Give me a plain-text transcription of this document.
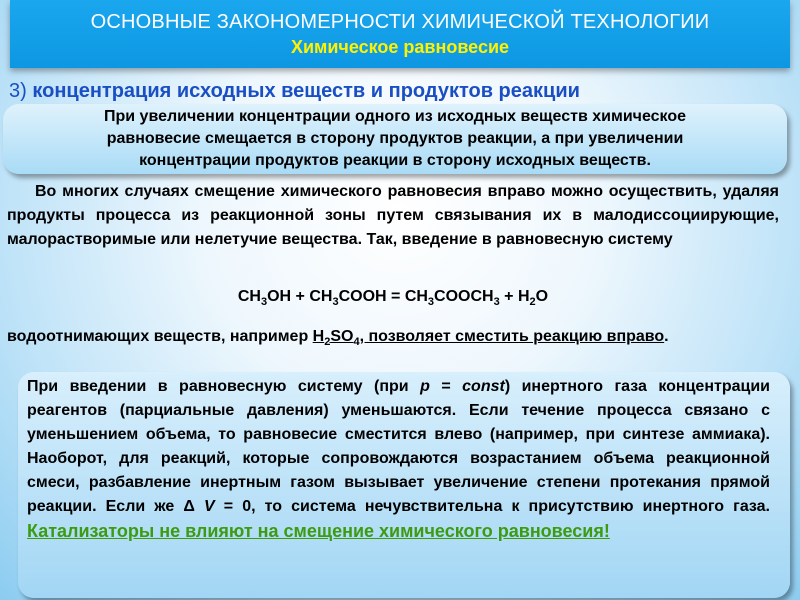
ОСНОВНЫЕ ЗАКОНОМЕРНОСТИ ХИМИЧЕСКОЙ ТЕХНОЛОГИИ
Химическое равновесие
3) концентрация исходных веществ и продуктов реакции

При увеличении концентрации одного из исходных веществ химическое

равновесие смещается в сторону продуктов реакции, а при увеличении

концентрации продуктов реакции в сторону исходных веществ.

Во многих случаях смещение химического равновесия вправо можно осуществить, удаляя продукты процесса из реакционной зоны путем связывания их в малодиссоциирующие, малорастворимые или нелетучие вещества. Так, введение в равновесную систему
$CH_3OH$ + $CH_3COOH$ = $CH_3COOCH_3 + H_2O$
водоотнимающих веществ, например $H_2SO_4$, позволяет сместить реакцию вправо.

При введении в равновесную систему (при p = const) инертного газа концентрации реагентов (парциальные давления) уменьшаются. Если течение процесса связано с уменьшением объема, то равновесие сместится влево (например, при синтезе аммиака). Наоборот, для реакций, которые сопровождаются возрастанием объема реакционной смеси, разбавление инертным газом вызывает увеличение степени протекания прямой реакции. Если же Δ V = 0, то система нечувствительна к присутствию инертного газа. Катализаторы не влияют на смещение химического равновесия!
